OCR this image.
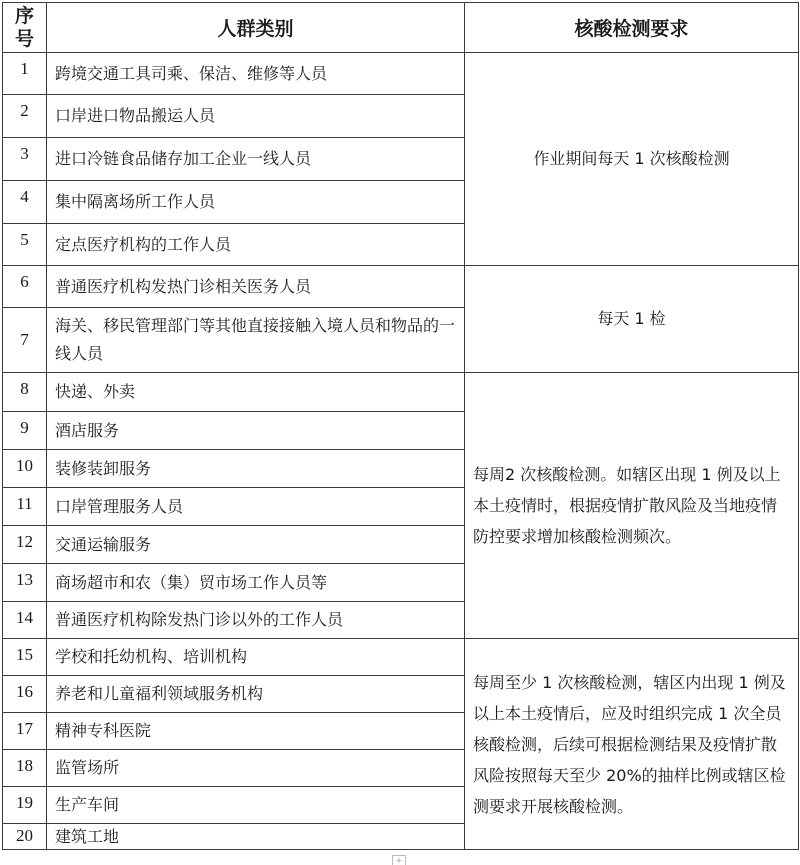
序号	人群类别	核酸检测要求
1	跨境交通工具司乘、保洁、维修等人员	作业期间每天 1 次核酸检测
2	口岸进口物品搬运人员	
3	进口冷链食品储存加工企业一线人员	
4	集中隔离场所工作人员	
5	定点医疗机构的工作人员	
6	普通医疗机构发热门诊相关医务人员	每天 1 检
7	海关、移民管理部门等其他直接接触入境人员和物品的一线人员	
8	快递、外卖	每周2 次核酸检测。如辖区出现 1 例及以上本土疫情时，根据疫情扩散风险及当地疫情防控要求增加核酸检测频次。
9	酒店服务	
10	装修装卸服务	
11	口岸管理服务人员	
12	交通运输服务	
13	商场超市和农（集）贸市场工作人员等	
14	普通医疗机构除发热门诊以外的工作人员	
15	学校和托幼机构、培训机构	每周至少 1 次核酸检测，辖区内出现 1 例及以上本土疫情后，应及时组织完成 1 次全员核酸检测，后续可根据检测结果及疫情扩散风险按照每天至少 20%的抽样比例或辖区检测要求开展核酸检测。
16	养老和儿童福利领域服务机构	
17	精神专科医院	
18	监管场所	
19	生产车间	
20	建筑工地	
+
